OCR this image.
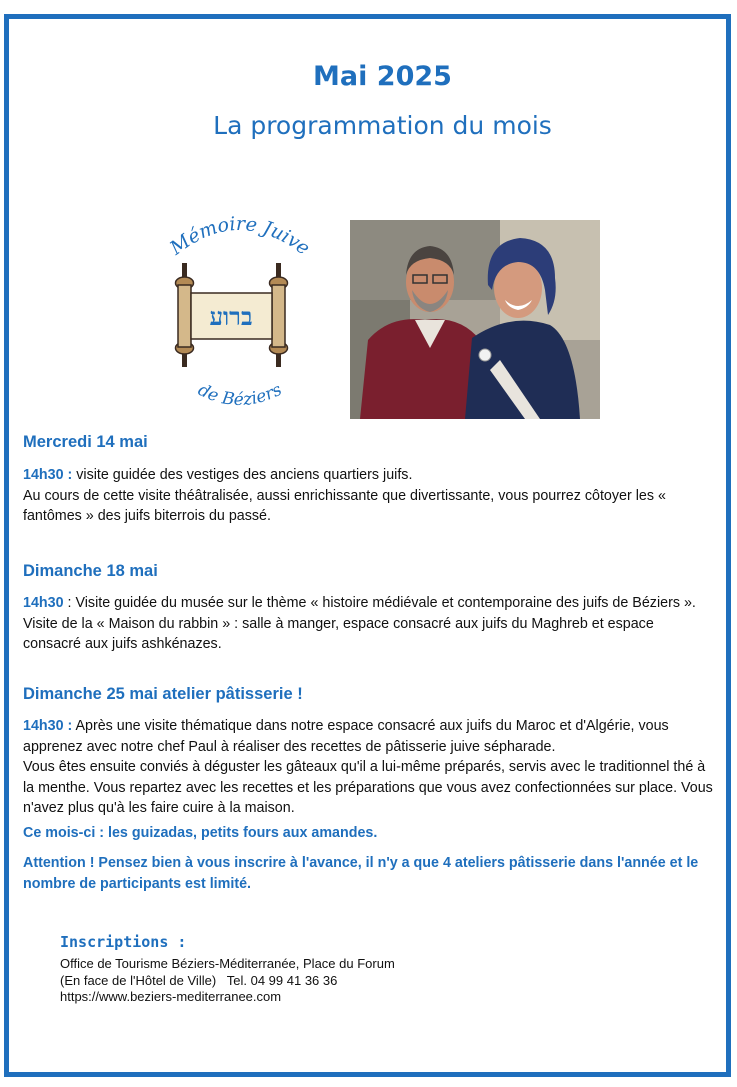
Mai 2025
La programmation du mois
Mémoire Juive
ברוע
de Béziers
Mercredi 14 mai
14h30 : visite guidée des vestiges des anciens quartiers juifs.
Au cours de cette visite théâtralisée, aussi enrichissante que divertissante, vous pourrez côtoyer les « fantômes » des juifs biterrois du passé.
Dimanche 18 mai
14h30 : Visite guidée du musée sur le thème « histoire médiévale et contemporaine des juifs de Béziers ». Visite de la « Maison du rabbin » : salle à manger, espace consacré aux juifs du Maghreb et espace consacré aux juifs ashkénazes.
Dimanche 25 mai atelier pâtisserie !
14h30 : Après une visite thématique dans notre espace consacré aux juifs du Maroc et d'Algérie, vous apprenez avec notre chef Paul à réaliser des recettes de pâtisserie juive sépharade.
Vous êtes ensuite conviés à déguster les gâteaux qu'il a lui-même préparés, servis avec le traditionnel thé à la menthe. Vous repartez avec les recettes et les préparations que vous avez confectionnées sur place. Vous n'avez plus qu'à les faire cuire à la maison.
Ce mois-ci : les guizadas, petits fours aux amandes.
Attention ! Pensez bien à vous inscrire à l'avance, il n'y a que 4 ateliers pâtisserie dans l'année et le nombre de participants est limité.
Inscriptions :
Office de Tourisme Béziers-Méditerranée, Place du Forum
(En face de l'Hôtel de Ville)   Tel. 04 99 41 36 36
https://www.beziers-mediterranee.com
